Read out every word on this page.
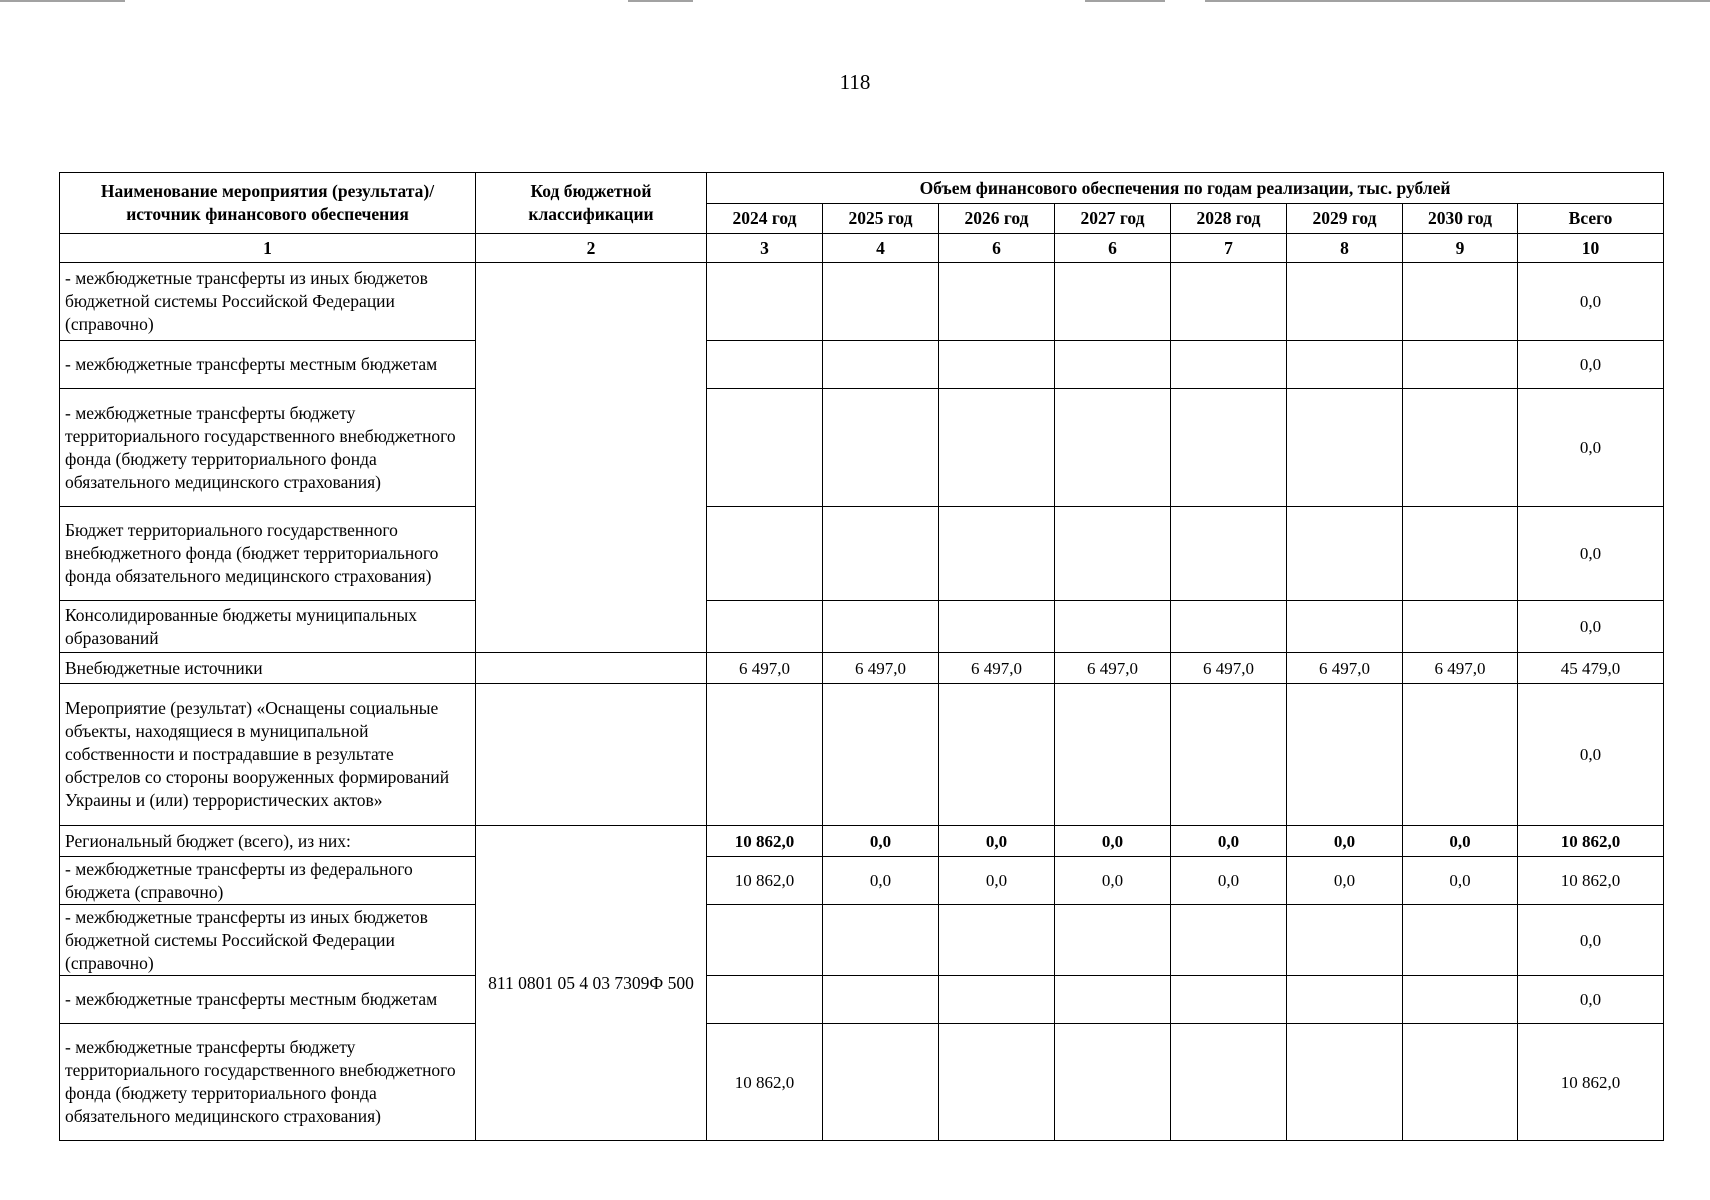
118
Наименование мероприятия (результата)/ источник финансового обеспечения	Код бюджетной классификации	Объем финансового обеспечения по годам реализации, тыс. рублей							
		2024 год	2025 год	2026 год	2027 год	2028 год	2029 год	2030 год	Всего
1	2	3	4	6	6	7	8	9	10
- межбюджетные трансферты из иных бюджетов бюджетной системы Российской Федерации (справочно)									0,0
- межбюджетные трансферты местным бюджетам									0,0
- межбюджетные трансферты бюджету территориального государственного внебюджетного фонда (бюджету территориального фонда обязательного медицинского страхования)									0,0
Бюджет территориального государственного внебюджетного фонда (бюджет территориального фонда обязательного медицинского страхования)									0,0
Консолидированные бюджеты муниципальных образований									0,0
Внебюджетные источники		6 497,0	6 497,0	6 497,0	6 497,0	6 497,0	6 497,0	6 497,0	45 479,0
Мероприятие (результат) «Оснащены социальные объекты, находящиеся в муниципальной собственности и пострадавшие в результате обстрелов со стороны вооруженных формирований Украины и (или) террористических актов»									0,0
Региональный бюджет (всего), из них:	811 0801 05 4 03 7309Ф 500	10 862,0	0,0	0,0	0,0	0,0	0,0	0,0	10 862,0
- межбюджетные трансферты из федерального бюджета (справочно)		10 862,0	0,0	0,0	0,0	0,0	0,0	0,0	10 862,0
- межбюджетные трансферты из иных бюджетов бюджетной системы Российской Федерации (справочно)									0,0
- межбюджетные трансферты местным бюджетам									0,0
- межбюджетные трансферты бюджету территориального государственного внебюджетного фонда (бюджету территориального фонда обязательного медицинского страхования)		10 862,0							10 862,0
